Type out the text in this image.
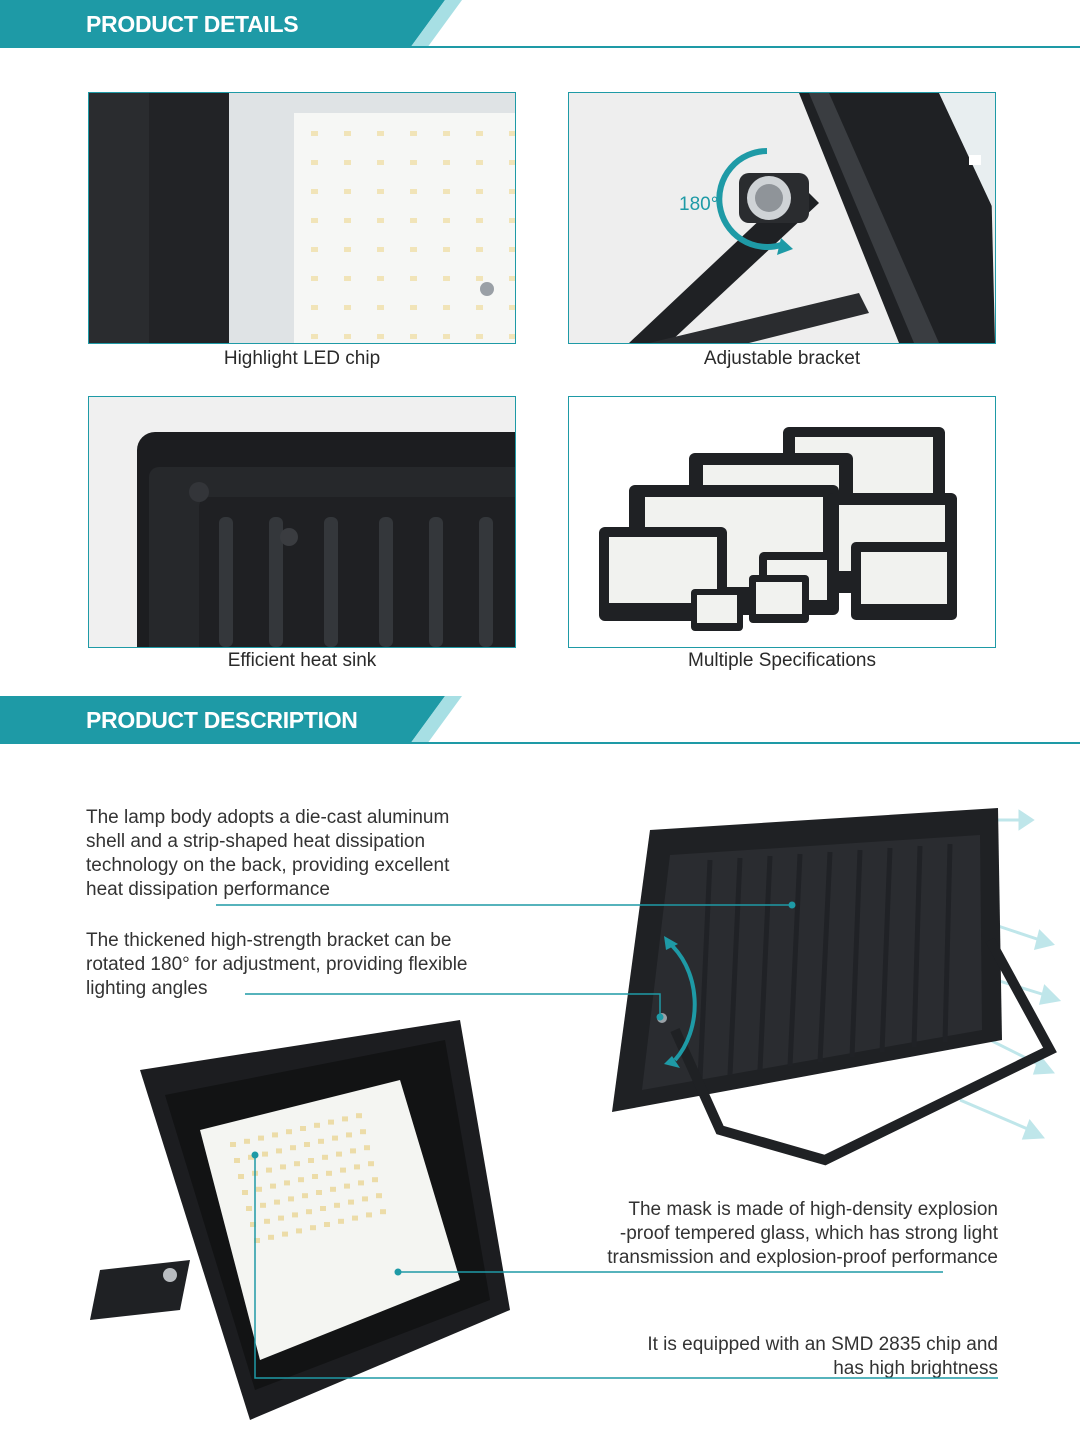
PRODUCT DETAILS
Highlight LED chip
180°
Adjustable bracket
Efficient heat sink	Multiple Specifications
PRODUCT DESCRIPTION

The lamp body adopts a die-cast aluminum

shell and a strip-shaped heat dissipation

technology on the back, providing excellent

heat dissipation performance

The thickened high-strength bracket can be

rotated 180° for adjustment, providing flexible

lighting angles

The mask is made of high-density explosion

-proof tempered glass, which has strong light

transmission and explosion-proof performance

It is equipped with an SMD 2835 chip and

has high brightness
